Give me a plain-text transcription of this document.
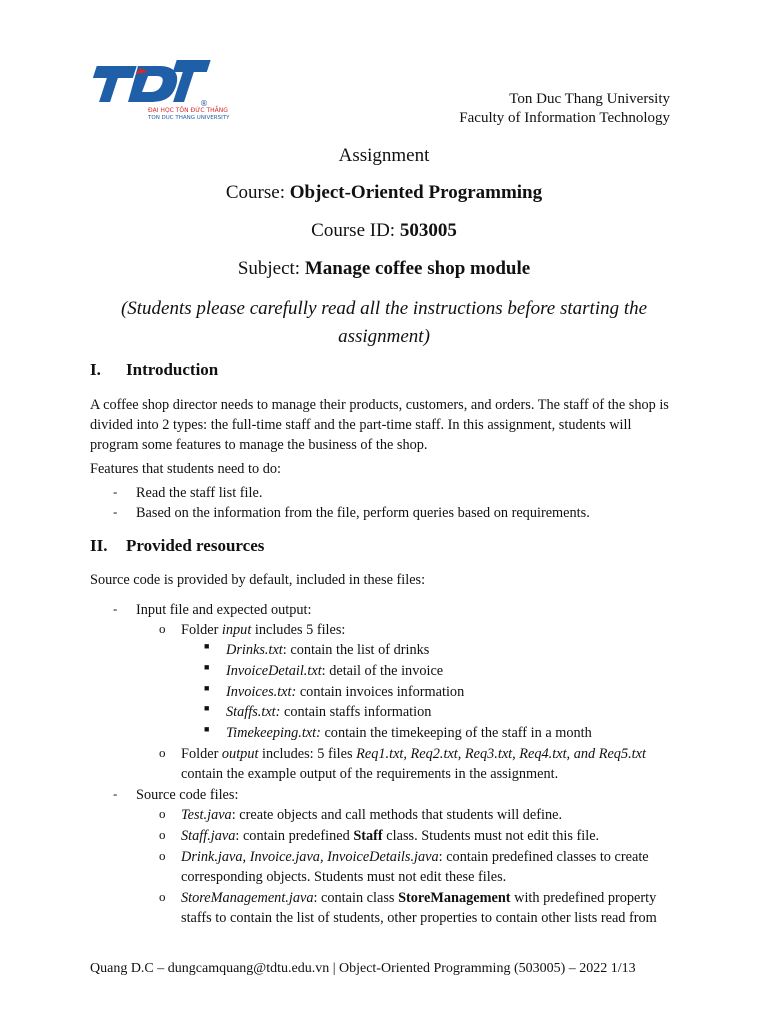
ĐẠI HỌC TÔN ĐỨC THẮNG
TON DUC THANG UNIVERSITY
®	Ton Duc Thang University
Faculty of Information Technology
Assignment
Course: Object-Oriented Programming
Course ID: 503005
Subject: Manage coffee shop module
(Students please carefully read all the instructions before starting the
assignment)
I. Introduction
A coffee shop director needs to manage their products, customers, and orders. The staff of the shop is divided into 2 types: the full-time staff and the part-time staff. In this assignment, students will program some features to manage the business of the shop.
Features that students need to do:
- Read the staff list file.
- Based on the information from the file, perform queries based on requirements.
II. Provided resources
Source code is provided by default, included in these files:
- Input file and expected output:
o Folder input includes 5 files:
■ Drinks.txt: contain the list of drinks
■ InvoiceDetail.txt: detail of the invoice
■ Invoices.txt: contain invoices information
■ Staffs.txt: contain staffs information
■ Timekeeping.txt: contain the timekeeping of the staff in a month
o Folder output includes: 5 files Req1.txt, Req2.txt, Req3.txt, Req4.txt, and Req5.txt
contain the example output of the requirements in the assignment.
- Source code files:
o Test.java: create objects and call methods that students will define.
o Staff.java: contain predefined Staff class. Students must not edit this file.
o Drink.java, Invoice.java, InvoiceDetails.java: contain predefined classes to create
corresponding objects. Students must not edit these files.
o StoreManagement.java: contain class StoreManagement with predefined property
staffs to contain the list of students, other properties to contain other lists read from
Quang D.C – dungcamquang@tdtu.edu.vn | Object-Oriented Programming (503005) – 2022 1/13
